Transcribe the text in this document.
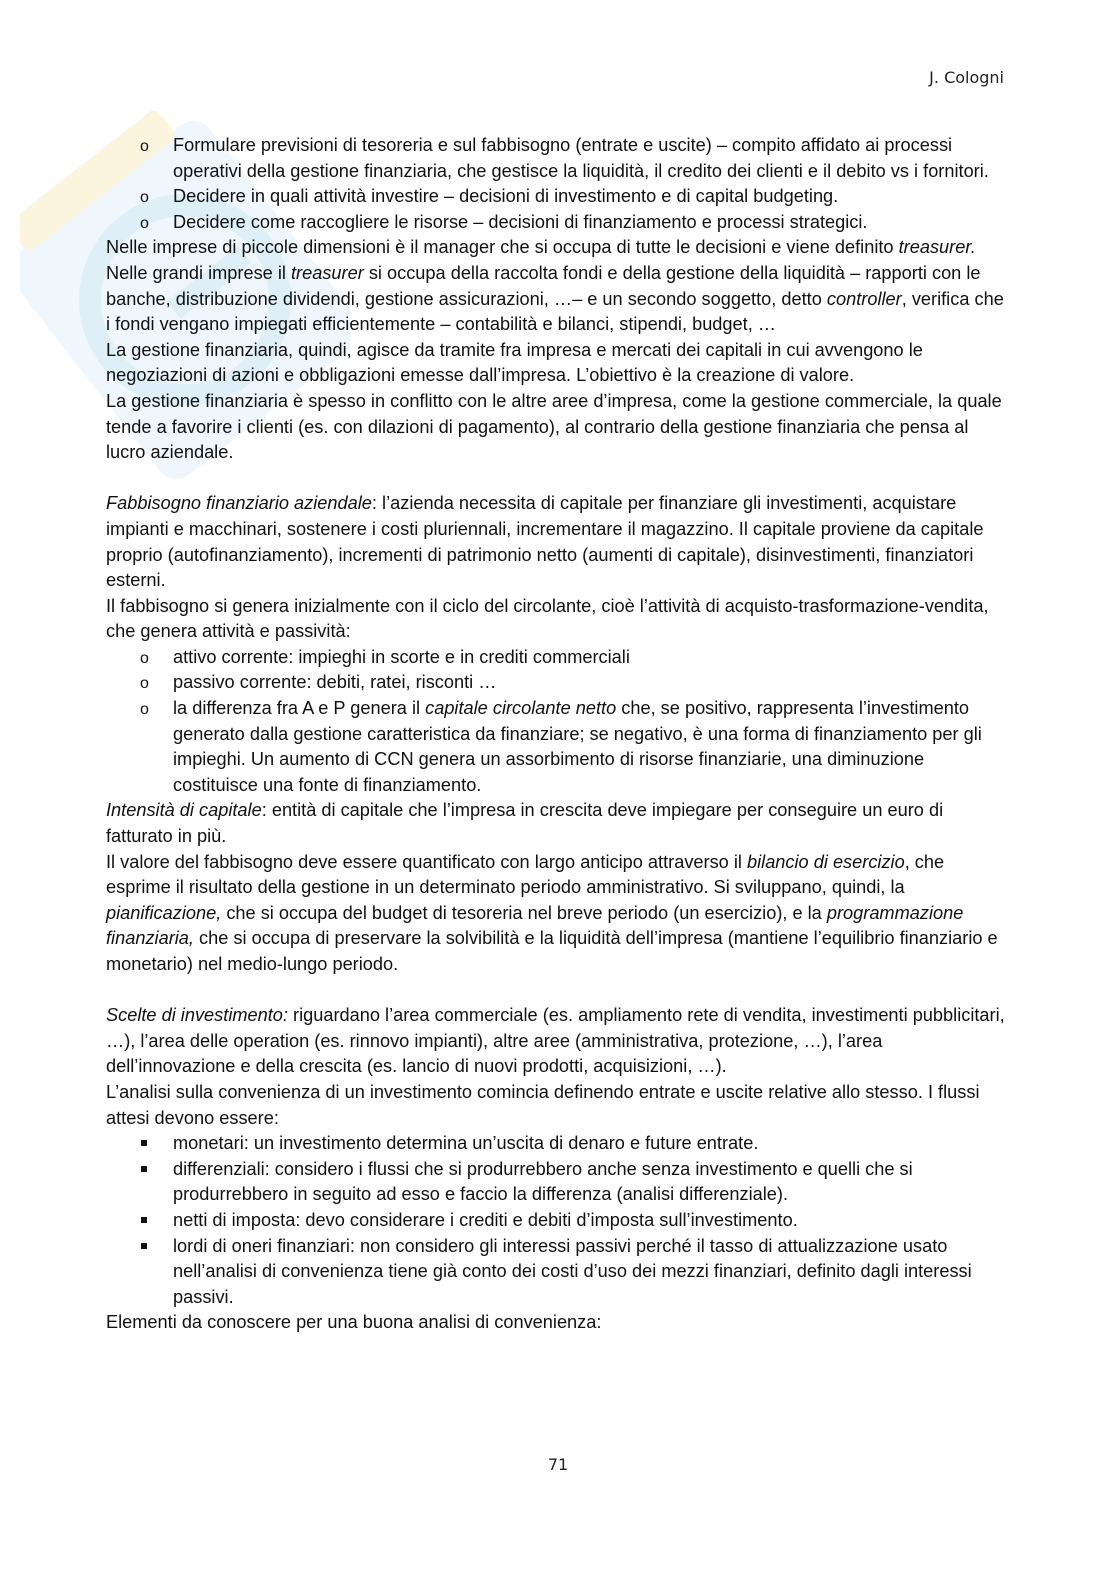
J. Cologni
o Formulare previsioni di tesoreria e sul fabbisogno (entrate e uscite) – compito affidato ai processi operativi della gestione finanziaria, che gestisce la liquidità, il credito dei clienti e il debito vs i fornitori.
o Decidere in quali attività investire – decisioni di investimento e di capital budgeting.
o Decidere come raccogliere le risorse – decisioni di finanziamento e processi strategici.

Nelle imprese di piccole dimensioni è il manager che si occupa di tutte le decisioni e viene definito treasurer. Nelle grandi imprese il treasurer si occupa della raccolta fondi e della gestione della liquidità – rapporti con le banche, distribuzione dividendi, gestione assicurazioni, …– e un secondo soggetto, detto controller, verifica che i fondi vengano impiegati efficientemente – contabilità e bilanci, stipendi, budget, …

La gestione finanziaria, quindi, agisce da tramite fra impresa e mercati dei capitali in cui avvengono le negoziazioni di azioni e obbligazioni emesse dall’impresa. L’obiettivo è la creazione di valore.

La gestione finanziaria è spesso in conflitto con le altre aree d’impresa, come la gestione commerciale, la quale tende a favorire i clienti (es. con dilazioni di pagamento), al contrario della gestione finanziaria che pensa al lucro aziendale.

Fabbisogno finanziario aziendale: l’azienda necessita di capitale per finanziare gli investimenti, acquistare impianti e macchinari, sostenere i costi pluriennali, incrementare il magazzino. Il capitale proviene da capitale proprio (autofinanziamento), incrementi di patrimonio netto (aumenti di capitale), disinvestimenti, finanziatori esterni.

Il fabbisogno si genera inizialmente con il ciclo del circolante, cioè l’attività di acquisto-trasformazione-vendita, che genera attività e passività:

o attivo corrente: impieghi in scorte e in crediti commerciali
o passivo corrente: debiti, ratei, risconti …
o la differenza fra A e P genera il capitale circolante netto che, se positivo, rappresenta l’investimento generato dalla gestione caratteristica da finanziare; se negativo, è una forma di finanziamento per gli impieghi. Un aumento di CCN genera un assorbimento di risorse finanziarie, una diminuzione costituisce una fonte di finanziamento.

Intensità di capitale: entità di capitale che l’impresa in crescita deve impiegare per conseguire un euro di fatturato in più.

Il valore del fabbisogno deve essere quantificato con largo anticipo attraverso il bilancio di esercizio, che esprime il risultato della gestione in un determinato periodo amministrativo. Si sviluppano, quindi, la pianificazione, che si occupa del budget di tesoreria nel breve periodo (un esercizio), e la programmazione finanziaria, che si occupa di preservare la solvibilità e la liquidità dell’impresa (mantiene l’equilibrio finanziario e monetario) nel medio-lungo periodo.

Scelte di investimento: riguardano l’area commerciale (es. ampliamento rete di vendita, investimenti pubblicitari, …), l’area delle operation (es. rinnovo impianti), altre aree (amministrativa, protezione, …), l’area dell’innovazione e della crescita (es. lancio di nuovi prodotti, acquisizioni, …).

L’analisi sulla convenienza di un investimento comincia definendo entrate e uscite relative allo stesso. I flussi attesi devono essere:

monetari: un investimento determina un’uscita di denaro e future entrate.
differenziali: considero i flussi che si produrrebbero anche senza investimento e quelli che si produrrebbero in seguito ad esso e faccio la differenza (analisi differenziale).
netti di imposta: devo considerare i crediti e debiti d’imposta sull’investimento.
lordi di oneri finanziari: non considero gli interessi passivi perché il tasso di attualizzazione usato nell’analisi di convenienza tiene già conto dei costi d’uso dei mezzi finanziari, definito dagli interessi passivi.

Elementi da conoscere per una buona analisi di convenienza:

71
